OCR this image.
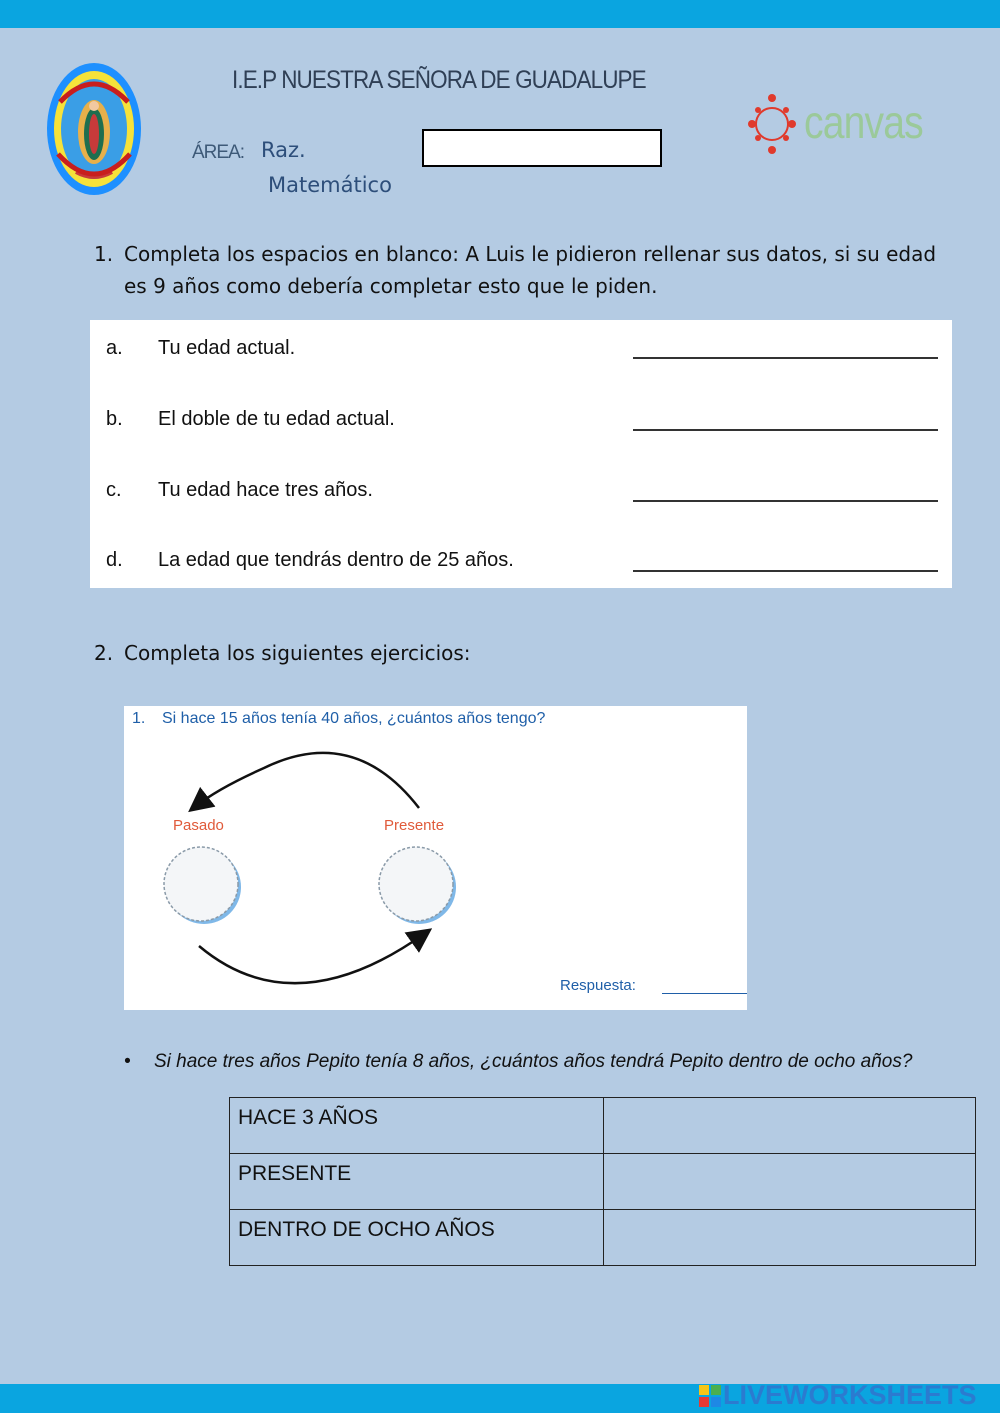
I.E.P NUESTRA SEÑORA DE GUADALUPE
ÁREA: Raz.
Matemático
canvas
1. Completa los espacios en blanco: A Luis le pidieron rellenar sus datos, si su edad es 9 años como debería completar esto que le piden.
a. Tu edad actual.
b. El doble de tu edad actual.
c. Tu edad hace tres años.
d. La edad que tendrás dentro de 25 años.
2. Completa los siguientes ejercicios:
1. Si hace 15 años tenía 40 años, ¿cuántos años tengo?
Pasado	Presente
Respuesta:
• Si hace tres años Pepito tenía 8 años, ¿cuántos años tendrá Pepito dentro de ocho años?
HACE 3 AÑOS	
PRESENTE	
DENTRO DE OCHO AÑOS	
LIVEWORKSHEETS
